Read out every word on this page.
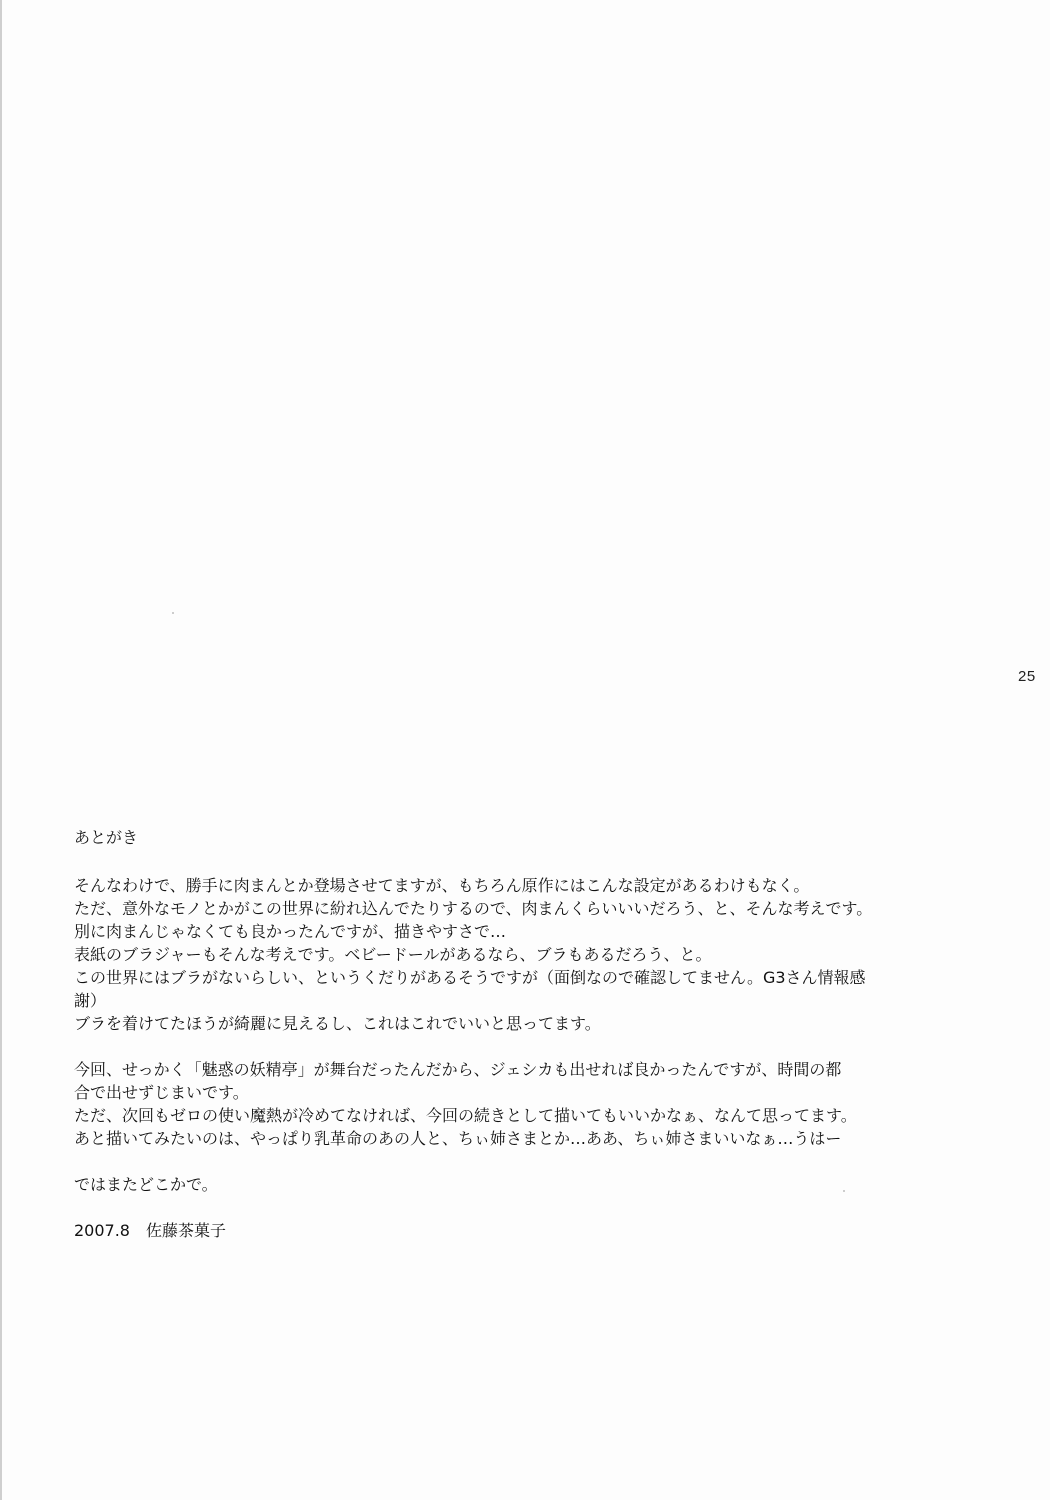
25
あとがき
そんなわけで、勝手に肉まんとか登場させてますが、もちろん原作にはこんな設定があるわけもなく。
ただ、意外なモノとかがこの世界に紛れ込んでたりするので、肉まんくらいいいだろう、と、そんな考えです。
別に肉まんじゃなくても良かったんですが、描きやすさで…
表紙のブラジャーもそんな考えです。ベビードールがあるなら、ブラもあるだろう、と。
この世界にはブラがないらしい、というくだりがあるそうですが（面倒なので確認してません。G3さん情報感
謝）
ブラを着けてたほうが綺麗に見えるし、これはこれでいいと思ってます。
今回、せっかく「魅惑の妖精亭」が舞台だったんだから、ジェシカも出せれば良かったんですが、時間の都
合で出せずじまいです。
ただ、次回もゼロの使い魔熱が冷めてなければ、今回の続きとして描いてもいいかなぁ、なんて思ってます。
あと描いてみたいのは、やっぱり乳革命のあの人と、ちぃ姉さまとか…ああ、ちぃ姉さまいいなぁ…うはー
ではまたどこかで。
2007.8　佐藤茶菓子
